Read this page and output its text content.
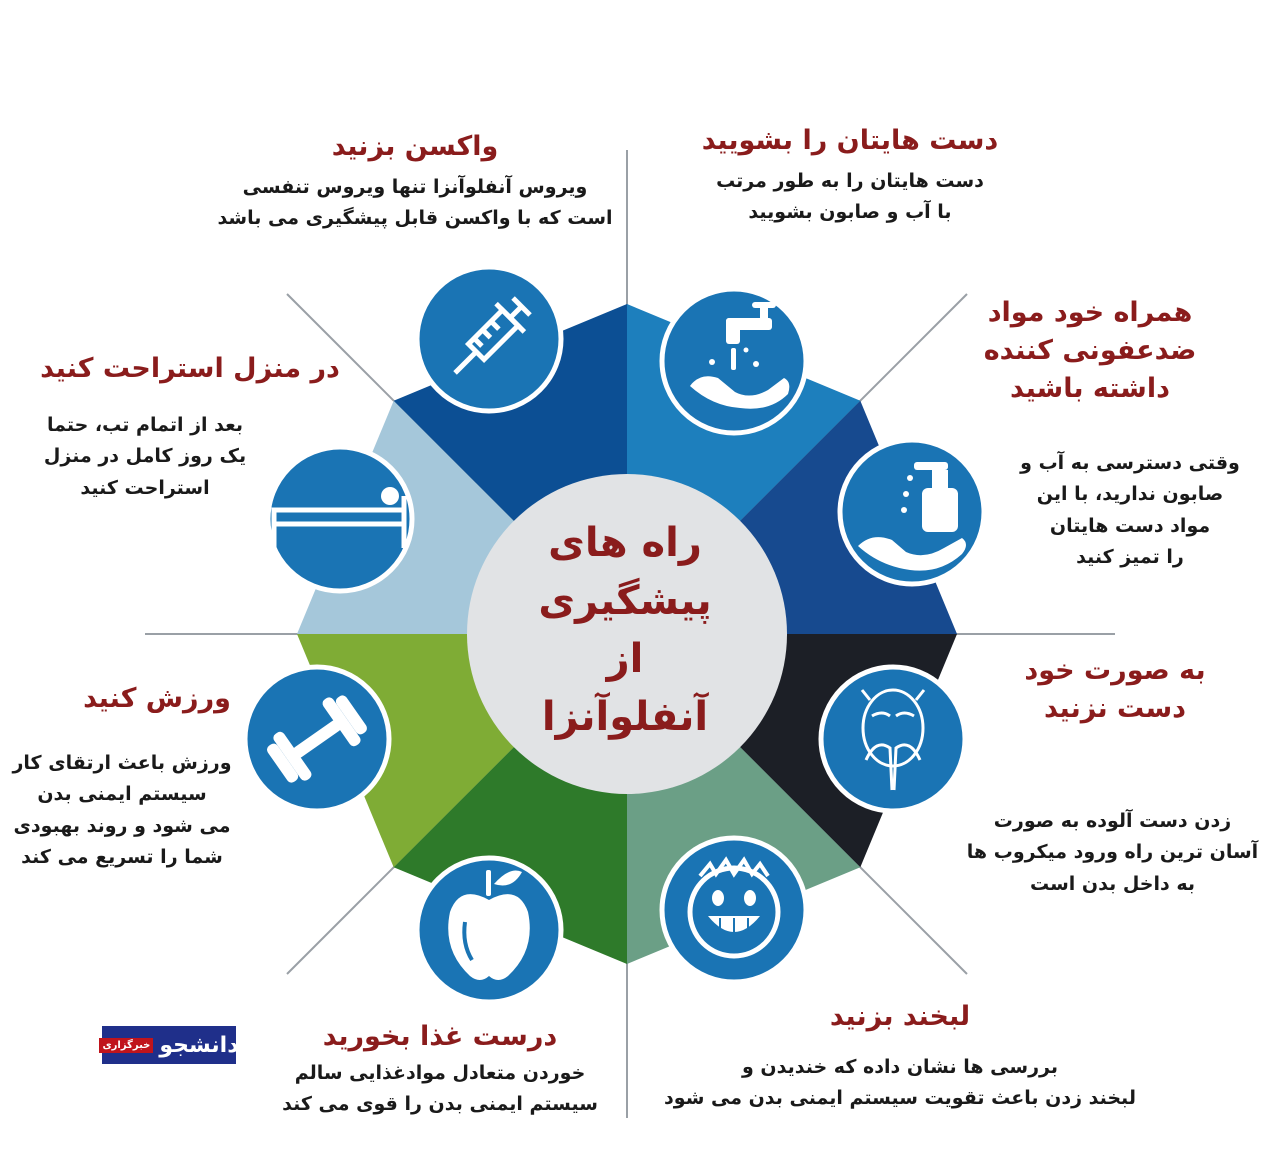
راه های
پیشگیری
از
آنفلوآنزا
واکسن بزنید

ویروس آنفلوآنزا تنها ویروس تنفسی
است که با واکسن قابل پیشگیری می باشد

دست هایتان را بشویید

دست هایتان را به طور مرتب
با آب و صابون بشویید

همراه خود مواد
ضدعفونی کننده
داشته باشید

وقتی دسترسی به آب و
صابون ندارید، با این
مواد دست هایتان
را تمیز کنید

به صورت خود
دست نزنید

زدن دست آلوده به صورت
آسان ترین راه ورود میکروب ها
به داخل بدن است

لبخند بزنید

بررسی ها نشان داده که خندیدن و
لبخند زدن باعث تقویت سیستم ایمنی بدن می شود

درست غذا بخورید

خوردن متعادل موادغذایی سالم
سیستم ایمنی بدن را قوی می کند

ورزش کنید

ورزش باعث ارتقای کار
سیستم ایمنی بدن
می شود و روند بهبودی
شما را تسریع می کند

در منزل استراحت کنید

بعد از اتمام تب، حتما
یک روز کامل در منزل
استراحت کنید

دانشجو
خبرگزاری
